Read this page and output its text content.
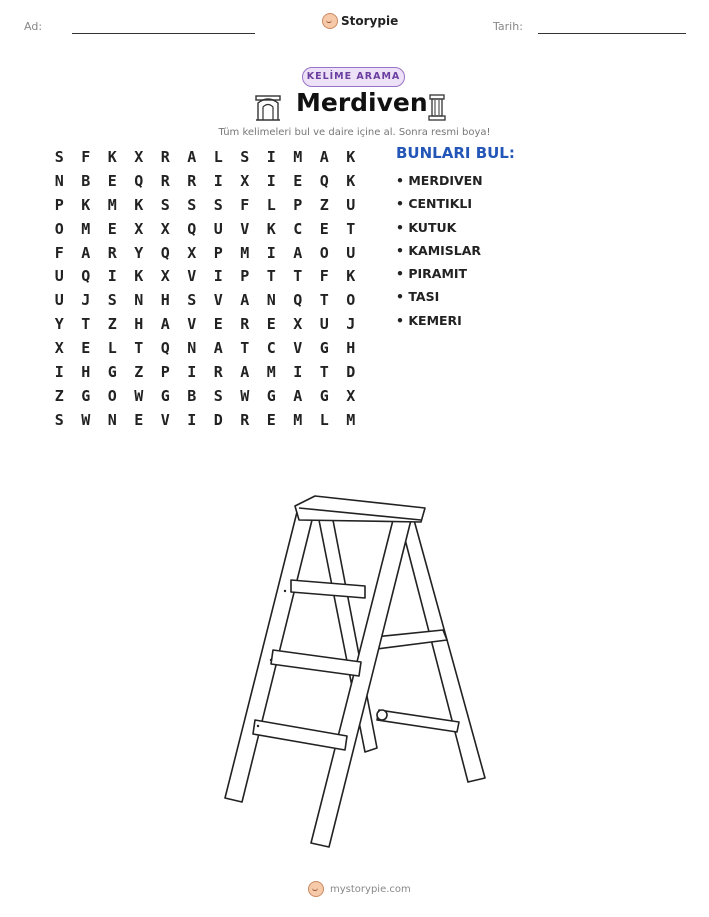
Ad:	Storypie	Tarih:
KELİME ARAMA
Merdiven
Tüm kelimeleri bul ve daire içine al. Sonra resmi boya!
S	F	K	X	R	A	L	S	I	M	A	K
N	B	E	Q	R	R	I	X	I	E	Q	K
P	K	M	K	S	S	S	F	L	P	Z	U
O	M	E	X	X	Q	U	V	K	C	E	T
F	A	R	Y	Q	X	P	M	I	A	O	U
U	Q	I	K	X	V	I	P	T	T	F	K
U	J	S	N	H	S	V	A	N	Q	T	O
Y	T	Z	H	A	V	E	R	E	X	U	J
X	E	L	T	Q	N	A	T	C	V	G	H
I	H	G	Z	P	I	R	A	M	I	T	D
Z	G	O	W	G	B	S	W	G	A	G	X
S	W	N	E	V	I	D	R	E	M	L	M
BUNLARI BUL:
• MERDIVEN
• CENTIKLI
• KUTUK
• KAMISLAR
• PIRAMIT
• TASI
• KEMERI
mystorypie.com
